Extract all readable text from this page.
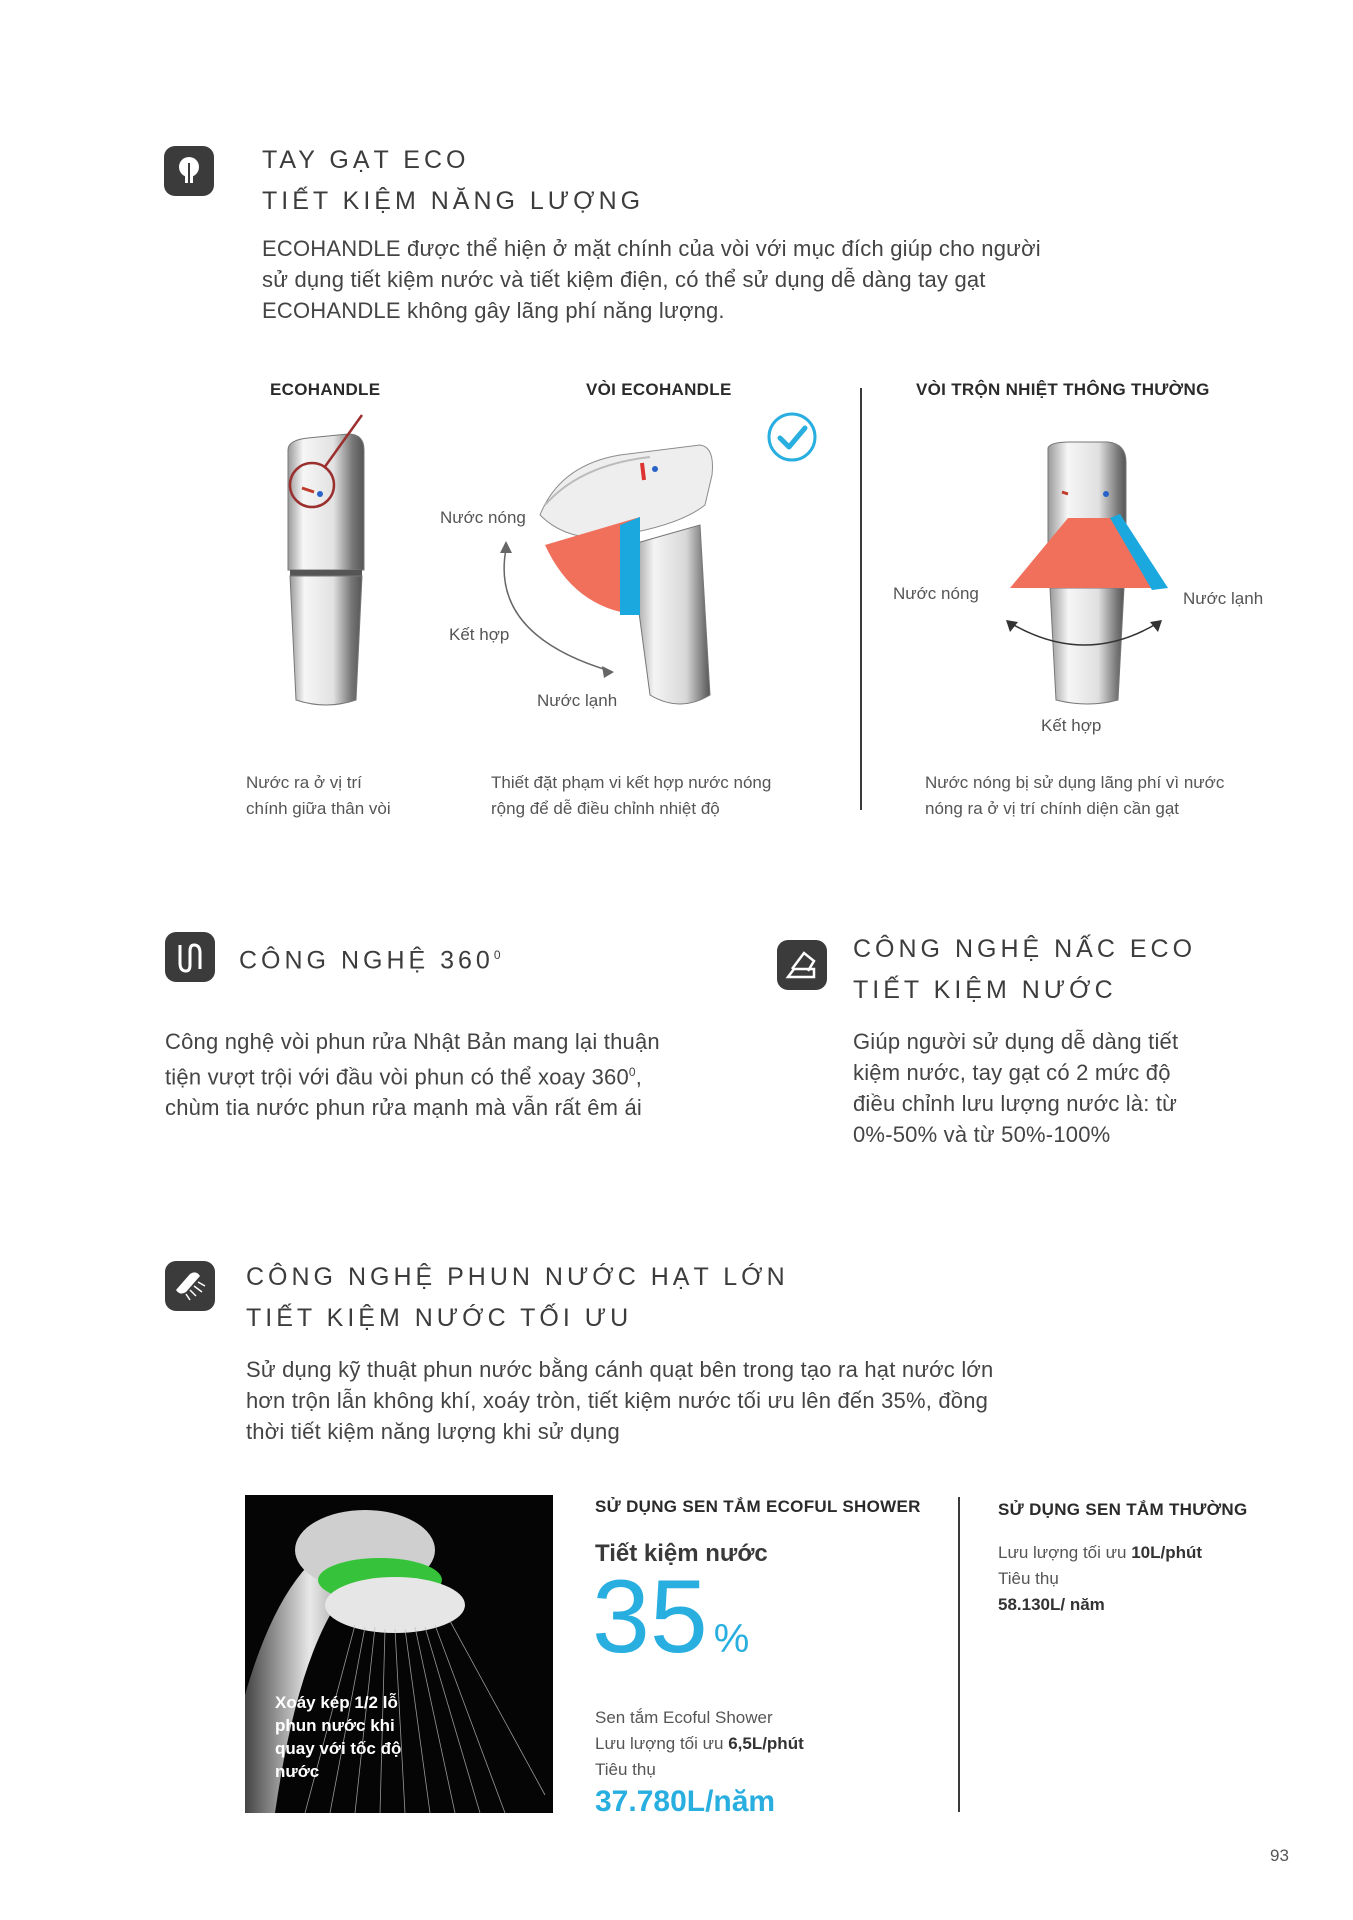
TAY GẠT ECO
TIẾT KIỆM NĂNG LƯỢNG
ECOHANDLE được thể hiện ở mặt chính của vòi với mục đích giúp cho người
sử dụng tiết kiệm nước và tiết kiệm điện, có thể sử dụng dễ dàng tay gạt
ECOHANDLE không gây lãng phí năng lượng.
ECOHANDLE	VÒI ECOHANDLE	VÒI TRỘN NHIỆT THÔNG THƯỜNG
Nước ra ở vị trí
chính giữa thân vòi
Nước nóng
Kết hợp
Nước lạnh
Thiết đặt phạm vi kết hợp nước nóng
rộng để dễ điều chỉnh nhiệt độ
Nước nóng	Nước lạnh
Kết hợp
Nước nóng bị sử dụng lãng phí vì nước
nóng ra ở vị trí chính diện cần gạt
CÔNG NGHỆ $360^0$
Công nghệ vòi phun rửa Nhật Bản mang lại thuận
tiện vượt trội với đầu vòi phun có thể xoay $360^0$,
chùm tia nước phun rửa mạnh mà vẫn rất êm ái
CÔNG NGHỆ NẤC ECO
TIẾT KIỆM NƯỚC
Giúp người sử dụng dễ dàng tiết
kiệm nước, tay gạt có 2 mức độ
điều chỉnh lưu lượng nước là: từ
0%-50% và từ 50%-100%
CÔNG NGHỆ PHUN NƯỚC HẠT LỚN
TIẾT KIỆM NƯỚC TỐI ƯU
Sử dụng kỹ thuật phun nước bằng cánh quạt bên trong tạo ra hạt nước lớn
hơn trộn lẫn không khí, xoáy tròn, tiết kiệm nước tối ưu lên đến 35%, đồng
thời tiết kiệm năng lượng khi sử dụng
Xoáy kép 1/2 lỗ
phun nước khi
quay với tốc độ
nước
SỬ DỤNG SEN TẮM ECOFUL SHOWER
Tiết kiệm nước
35 %
Sen tắm Ecoful Shower
Lưu lượng tối ưu 6,5L/phút
Tiêu thụ
37.780L/năm
SỬ DỤNG SEN TẮM THƯỜNG
Lưu lượng tối ưu 10L/phút
Tiêu thụ
58.130L/ năm
93
